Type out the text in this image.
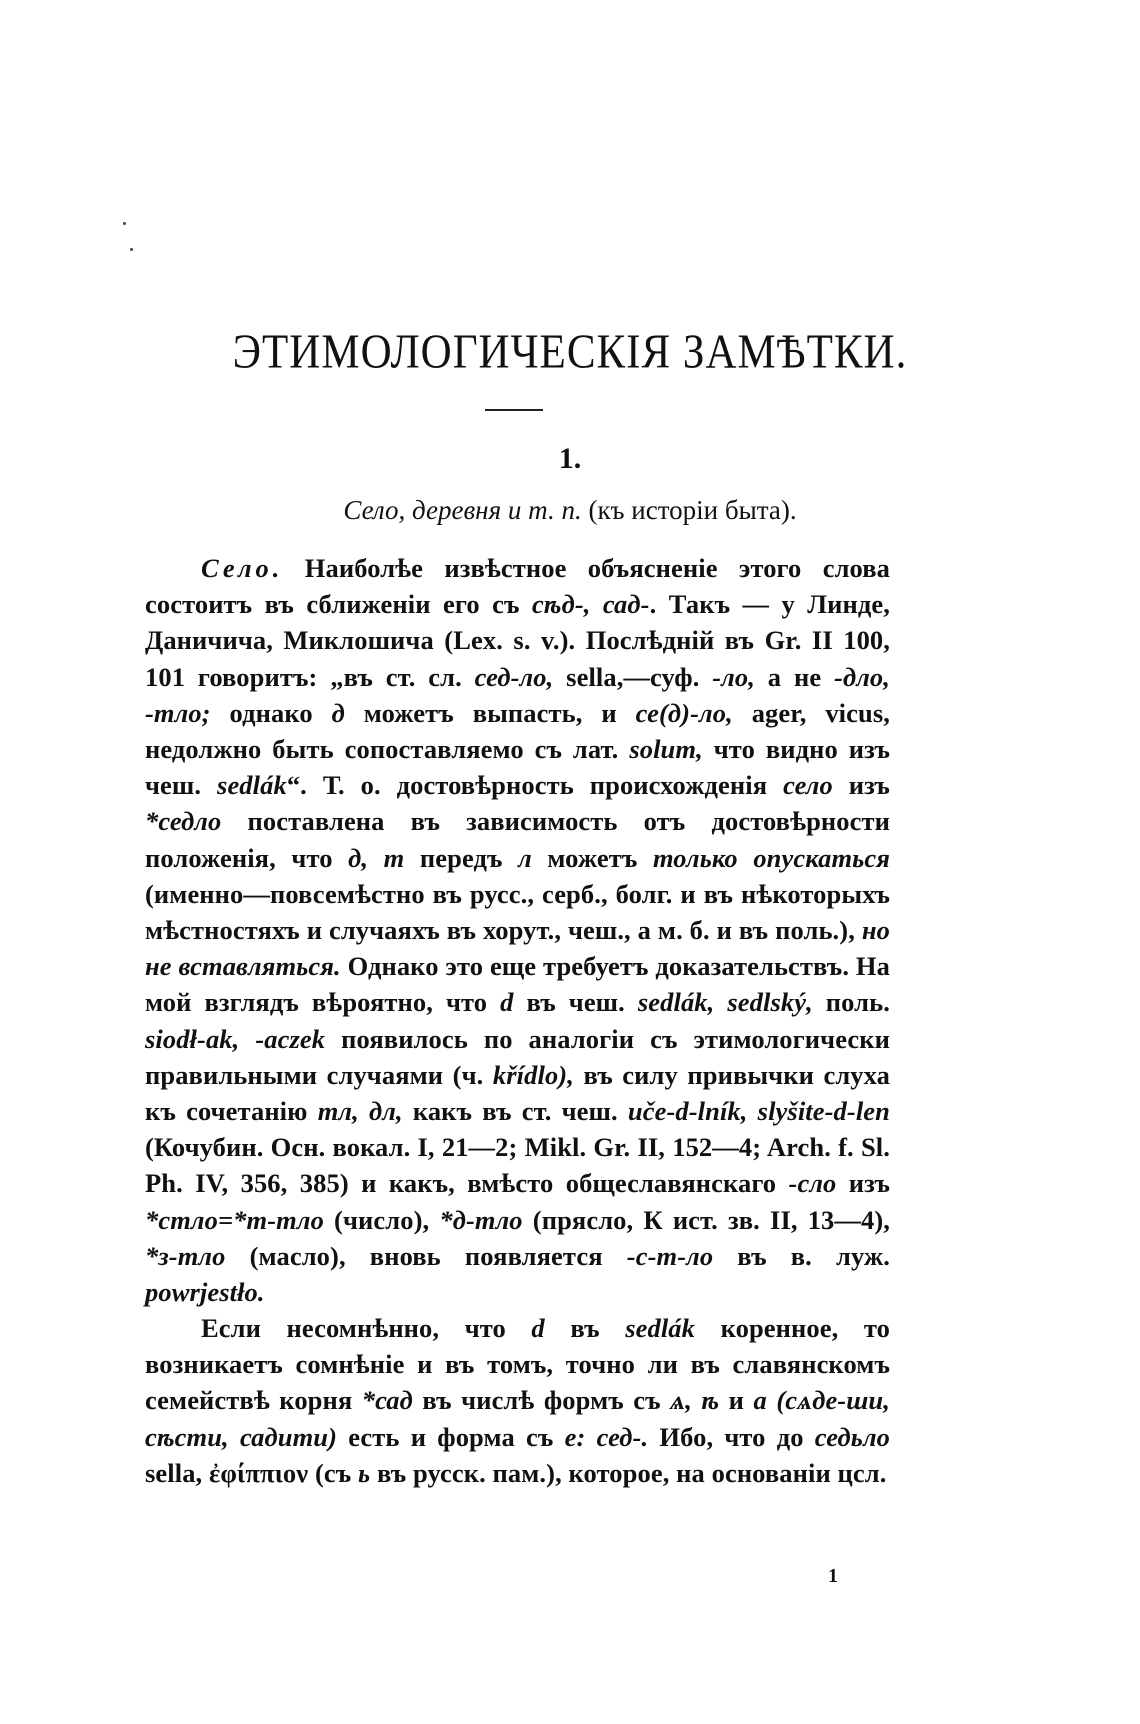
ЭТИМОЛОГИЧЕСКІЯ ЗАМѢТКИ.
1.
Село, деревня и т. п. (къ исторіи быта).
Село. Наиболѣе извѣстное объясненіе этого слова состоитъ въ сближеніи его съ сѣд-, сад-. Такъ — у Линде, Даничича, Миклошича (Lex. s. v.). Послѣдній въ Gr. II 100, 101 говоритъ: „въ ст. сл. сед-ло, sella,—суф. -ло, а не -дло, -тло; однако д можетъ выпасть, и се(д)-ло, ager, vicus, недолжно быть сопоставляемо съ лат. solum, что видно изъ чеш. sedlák“. Т. о. достовѣрность происхожденія село изъ *седло поставлена въ зависимость отъ достовѣрности положенія, что д, т передъ л можетъ только опускаться (именно—повсемѣстно въ русс., серб., болг. и въ нѣкоторыхъ мѣстностяхъ и случаяхъ въ хорут., чеш., а м. б. и въ поль.), но не вставляться. Однако это еще требуетъ доказательствъ. На мой взглядъ вѣроятно, что d въ чеш. sedlák, sedlský, поль. siodł-ak, -aczek появилось по аналогіи съ этимологически правильными случаями (ч. křídlo), въ силу привычки слуха къ сочетанію тл, дл, какъ въ ст. чеш. uče-d-lník, slyšite-d-len (Кочубин. Осн. вокал. I, 21—2; Mikl. Gr. II, 152—4; Arch. f. Sl. Ph. IV, 356, 385) и какъ, вмѣсто общеславянскаго -сло изъ *стло=*т-тло (число), *д-тло (прясло, К ист. зв. II, 13—4), *з-тло (масло), вновь появляется -с-т-ло въ в. луж. powrjestło.
Если несомнѣнно, что d въ sedlák коренное, то возникаетъ сомнѣніе и въ томъ, точно ли въ славянскомъ семействѣ корня *сад въ числѣ формъ съ ѧ, ѣ и а (сѧде-ши, сѣсти, садити) есть и форма съ е: сед-. Ибо, что до седьло sella, ἐφίππιον (съ ь въ русск. пам.), которое, на основаніи цсл.
1
